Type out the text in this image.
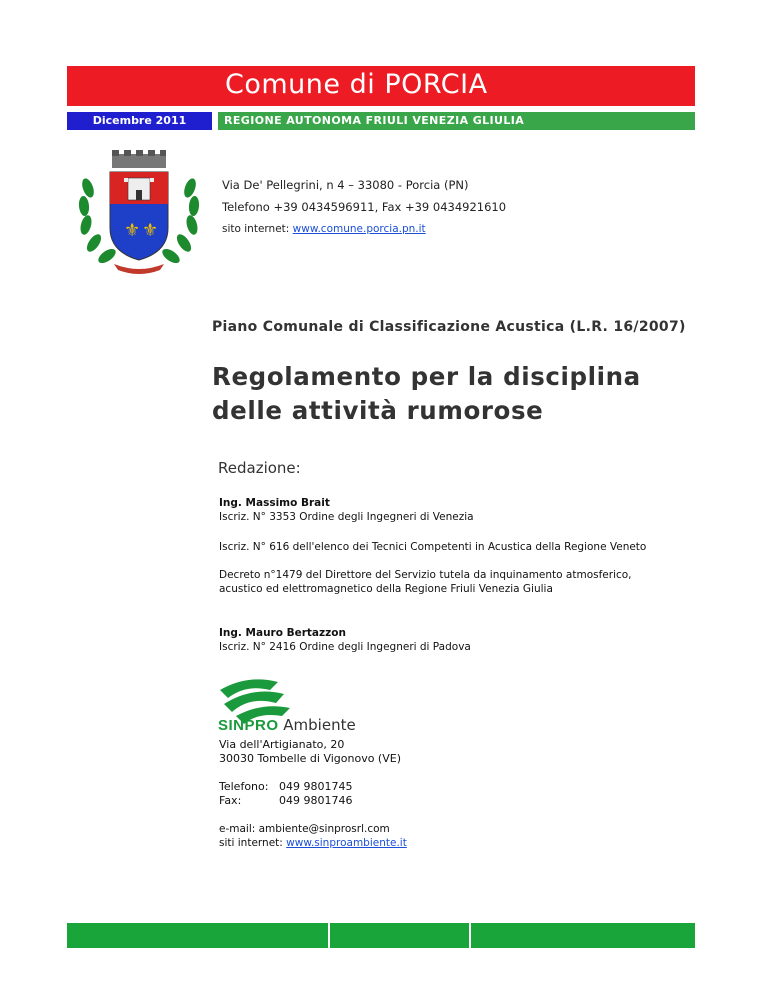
Comune di PORCIA
Dicembre 2011	REGIONE AUTONOMA FRIULI VENEZIA GLIULIA
⚜ ⚜
Via De' Pellegrini, n 4 – 33080 - Porcia (PN)
Telefono +39 0434596911, Fax +39 0434921610
sito internet: www.comune.porcia.pn.it
Piano Comunale di Classificazione Acustica (L.R. 16/2007)
Regolamento per la disciplina
delle attività rumorose
Redazione:
Ing. Massimo Brait
Iscriz. N° 3353 Ordine degli Ingegneri di Venezia
Iscriz. N° 616 dell'elenco dei Tecnici Competenti in Acustica della Regione Veneto
Decreto n°1479 del Direttore del Servizio tutela da inquinamento atmosferico,
acustico ed elettromagnetico della Regione Friuli Venezia Giulia
Ing. Mauro Bertazzon
Iscriz. N° 2416 Ordine degli Ingegneri di Padova
SINPRO Ambiente
Via dell'Artigianato, 20
30030 Tombelle di Vigonovo (VE)
Telefono: 049 9801745
Fax:	049 9801746
e-mail: ambiente@sinprosrl.com
siti internet: www.sinproambiente.it
